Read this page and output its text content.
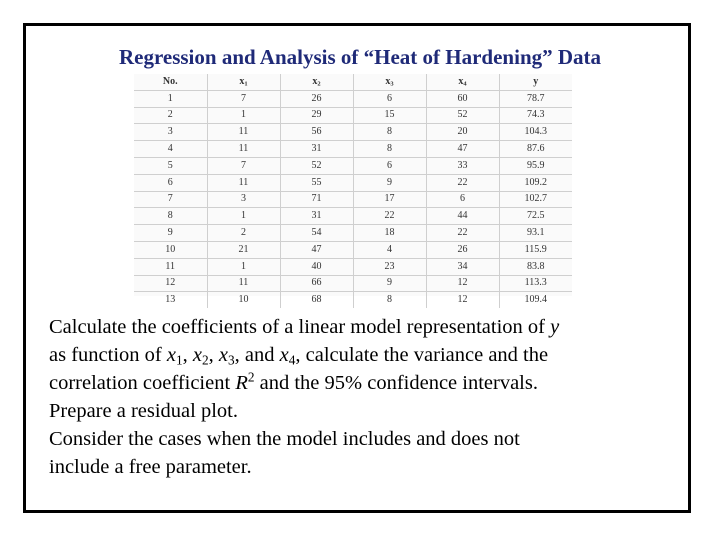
Regression and Analysis of “Heat of Hardening” Data
No.	$x_1$	$x_2$	$x_3$	$x_4$	y
1	7	26	6	60	78.7
2	1	29	15	52	74.3
3	11	56	8	20	104.3
4	11	31	8	47	87.6
5	7	52	6	33	95.9
6	11	55	9	22	109.2
7	3	71	17	6	102.7
8	1	31	22	44	72.5
9	2	54	18	22	93.1
10	21	47	4	26	115.9
11	1	40	23	34	83.8
12	11	66	9	12	113.3
13	10	68	8	12	109.4

Calculate the coefficients of a linear model representation of y

as function of $x_1$, $x_2$, $x_3$, and $x_4$, calculate the variance and the

correlation coefficient $R^2$ and the 95% confidence intervals.

Prepare a residual plot.

Consider the cases when the model includes and does not

include a free parameter.
